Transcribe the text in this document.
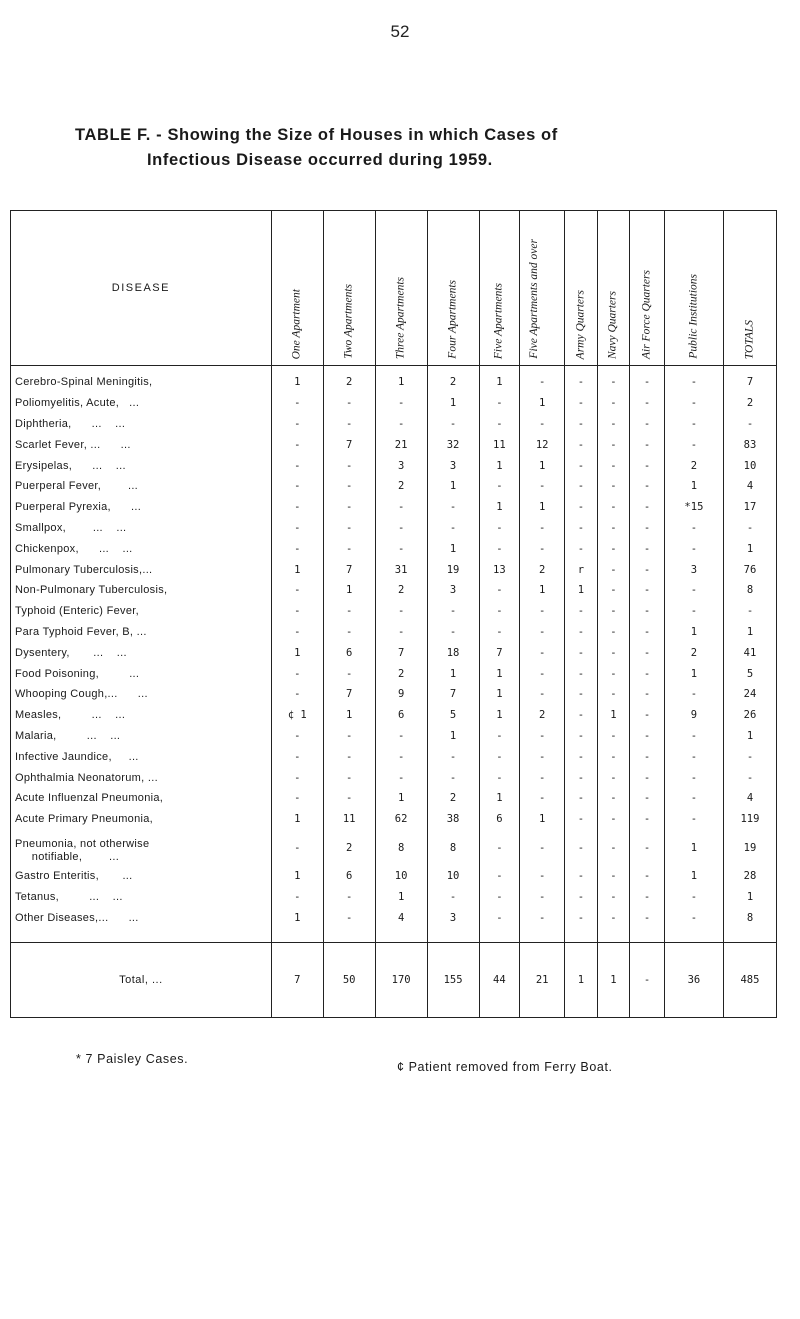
52
TABLE F. - Showing the Size of Houses in which Cases of
Infectious Disease occurred during 1959.
DISEASE	One Apartment	Two Apartments	Three Apartments	Four Apartments	Five Apartments	Five Apartments and over	Army Quarters	Navy Quarters	Air Force Quarters	Public Institutions	TOTALS

Cerebro-Spinal Meningitis,	1	2	1	2	1	-	-	-	-	-	7
Poliomyelitis, Acute,   ...	-	-	-	1	-	1	-	-	-	-	2
Diphtheria,      ...    ...	-	-	-	-	-	-	-	-	-	-	-
Scarlet Fever, ...      ...	-	7	21	32	11	12	-	-	-	-	83
Erysipelas,      ...    ...	-	-	3	3	1	1	-	-	-	2	10
Puerperal Fever,        ...	-	-	2	1	-	-	-	-	-	1	4
Puerperal Pyrexia,      ...	-	-	-	-	1	1	-	-	-	*15	17
Smallpox,        ...    ...	-	-	-	-	-	-	-	-	-	-	-
Chickenpox,      ...    ...	-	-	-	1	-	-	-	-	-	-	1
Pulmonary Tuberculosis,...	1	7	31	19	13	2	r	-	-	3	76
Non-Pulmonary Tuberculosis,	-	1	2	3	-	1	1	-	-	-	8
Typhoid (Enteric) Fever,	-	-	-	-	-	-	-	-	-	-	-
Para Typhoid Fever, B, ...	-	-	-	-	-	-	-	-	-	1	1
Dysentery,       ...    ...	1	6	7	18	7	-	-	-	-	2	41
Food Poisoning,         ...	-	-	2	1	1	-	-	-	-	1	5
Whooping Cough,...      ...	-	7	9	7	1	-	-	-	-	-	24
Measles,         ...    ...	¢ 1	1	6	5	1	2	-	1	-	9	26
Malaria,         ...    ...	-	-	-	1	-	-	-	-	-	-	1
Infective Jaundice,     ...	-	-	-	-	-	-	-	-	-	-	-
Ophthalmia Neonatorum, ...	-	-	-	-	-	-	-	-	-	-	-
Acute Influenzal Pneumonia,	-	-	1	2	1	-	-	-	-	-	4
Acute Primary Pneumonia,	1	11	62	38	6	1	-	-	-	-	119
Pneumonia, not otherwise
notifiable,        ...	-	2	8	8	-	-	-	-	-	1	19
Gastro Enteritis,       ...	1	6	10	10	-	-	-	-	-	1	28
Tetanus,         ...    ...	-	-	1	-	-	-	-	-	-	-	1
Other Diseases,...      ...	1	-	4	3	-	-	-	-	-	-	8
Total, ...	7	50	170	155	44	21	1	1	-	36	485
* 7 Paisley Cases.
¢ Patient removed from Ferry Boat.
